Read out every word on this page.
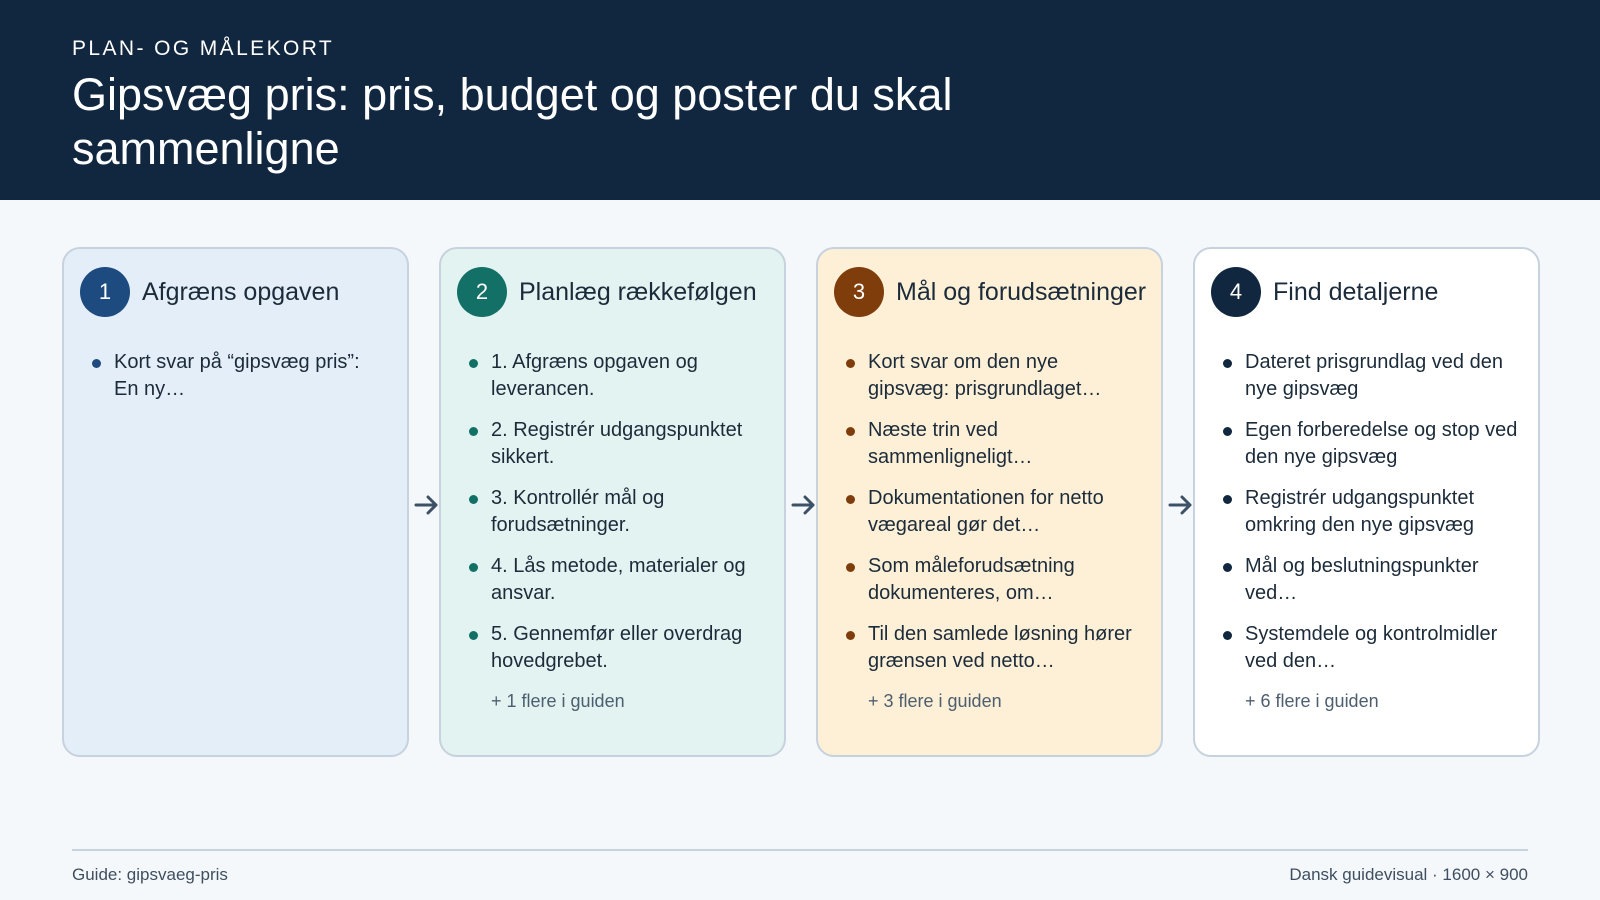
PLAN- OG MÅLEKORT
Gipsvæg pris: pris, budget og poster du skal sammenligne
1	Afgræns opgaven
Kort svar på “gipsvæg pris”: En ny…
2	Planlæg rækkefølgen
1. Afgræns opgaven og leverancen.
2. Registrér udgangspunktet sikkert.
3. Kontrollér mål og forudsætninger.
4. Lås metode, materialer og ansvar.
5. Gennemfør eller overdrag hovedgrebet.
+ 1 flere i guiden
3	Mål og forudsætninger
Kort svar om den nye gipsvæg: prisgrundlaget…
Næste trin ved sammenligneligt…
Dokumentationen for netto vægareal gør det…
Som måleforudsætning dokumenteres, om…
Til den samlede løsning hører grænsen ved netto…
+ 3 flere i guiden
4	Find detaljerne
Dateret prisgrundlag ved den nye gipsvæg
Egen forberedelse og stop ved den nye gipsvæg
Registrér udgangspunktet omkring den nye gipsvæg
Mål og beslutningspunkter ved…
Systemdele og kontrolmidler ved den…
+ 6 flere i guiden
Guide: gipsvaeg-pris	Dansk guidevisual · 1600 × 900
